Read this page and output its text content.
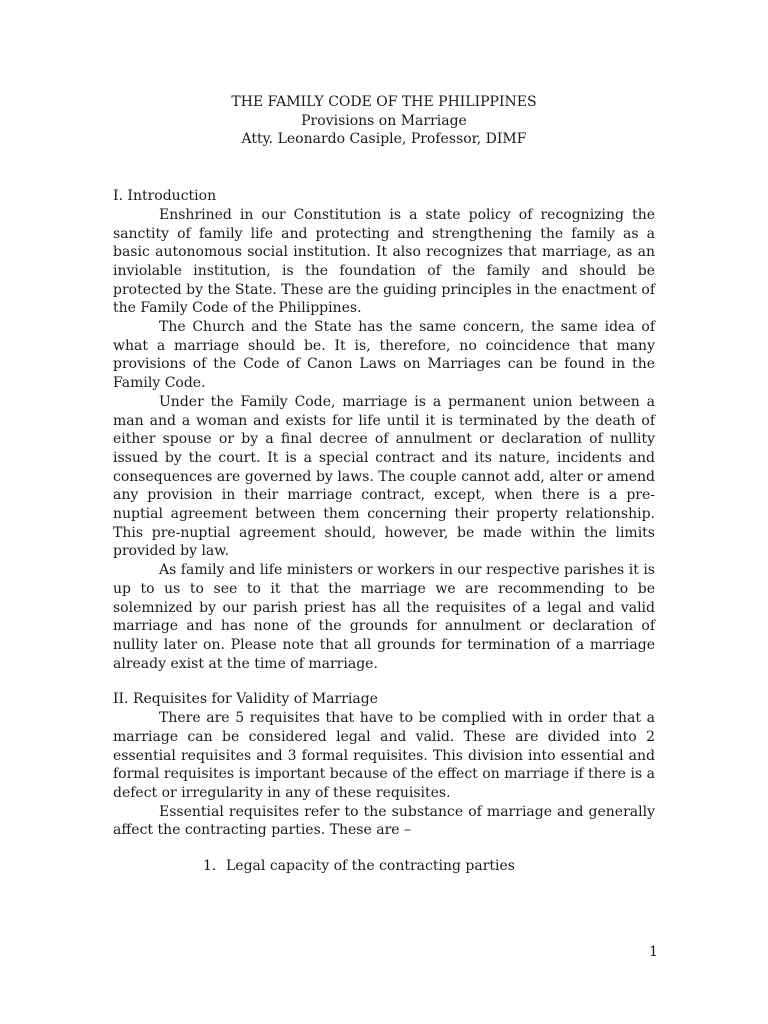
THE FAMILY CODE OF THE PHILIPPINES
Provisions on Marriage
Atty. Leonardo Casiple, Professor, DIMF
I. Introduction

Enshrined in our Constitution is a state policy of recognizing the sanctity of family life and protecting and strengthening the family as a basic autonomous social institution. It also recognizes that marriage, as an inviolable institution, is the foundation of the family and should be protected by the State. These are the guiding principles in the enactment of the Family Code of the Philippines.

The Church and the State has the same concern, the same idea of what a marriage should be. It is, therefore, no coincidence that many provisions of the Code of Canon Laws on Marriages can be found in the Family Code.

Under the Family Code, marriage is a permanent union between a man and a woman and exists for life until it is terminated by the death of either spouse or by a final decree of annulment or declaration of nullity issued by the court. It is a special contract and its nature, incidents and consequences are governed by laws. The couple cannot add, alter or amend any provision in their marriage contract, except, when there is a pre-nuptial agreement between them concerning their property relationship. This pre-nuptial agreement should, however, be made within the limits provided by law.

As family and life ministers or workers in our respective parishes it is up to us to see to it that the marriage we are recommending to be solemnized by our parish priest has all the requisites of a legal and valid marriage and has none of the grounds for annulment or declaration of nullity later on. Please note that all grounds for termination of a marriage already exist at the time of marriage.

II. Requisites for Validity of Marriage

There are 5 requisites that have to be complied with in order that a marriage can be considered legal and valid. These are divided into 2 essential requisites and 3 formal requisites. This division into essential and formal requisites is important because of the effect on marriage if there is a defect or irregularity in any of these requisites.

Essential requisites refer to the substance of marriage and generally affect the contracting parties. These are –

1. Legal capacity of the contracting parties
1
